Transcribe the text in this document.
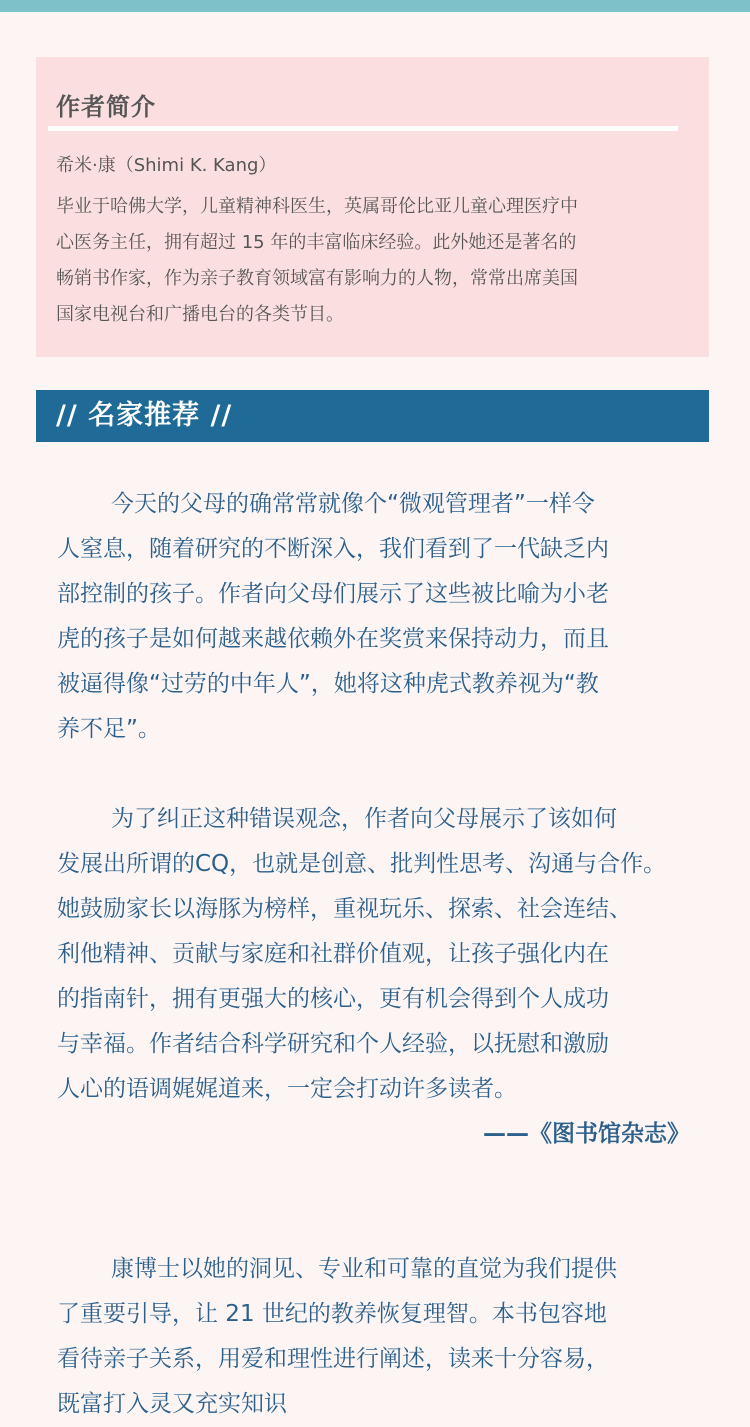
作者简介
希米·康（Shimi K. Kang）
毕业于哈佛大学，儿童精神科医生，英属哥伦比亚儿童心理医疗中
心医务主任，拥有超过 15 年的丰富临床经验。此外她还是著名的
畅销书作家，作为亲子教育领域富有影响力的人物，常常出席美国
国家电视台和广播电台的各类节目。
// 名家推荐 //
今天的父母的确常常就像个“微观管理者”一样令
人窒息，随着研究的不断深入，我们看到了一代缺乏内
部控制的孩子。作者向父母们展示了这些被比喻为小老
虎的孩子是如何越来越依赖外在奖赏来保持动力，而且
被逼得像“过劳的中年人”，她将这种虎式教养视为“教
养不足”。
为了纠正这种错误观念，作者向父母展示了该如何
发展出所谓的CQ，也就是创意、批判性思考、沟通与合作。
她鼓励家长以海豚为榜样，重视玩乐、探索、社会连结、
利他精神、贡献与家庭和社群价值观，让孩子强化内在
的指南针，拥有更强大的核心，更有机会得到个人成功
与幸福。作者结合科学研究和个人经验，以抚慰和激励
人心的语调娓娓道来，一定会打动许多读者。
——《图书馆杂志》
康博士以她的洞见、专业和可靠的直觉为我们提供
了重要引导，让 21 世纪的教养恢复理智。本书包容地
看待亲子关系，用爱和理性进行阐述，读来十分容易，
既富打入灵又充实知识
